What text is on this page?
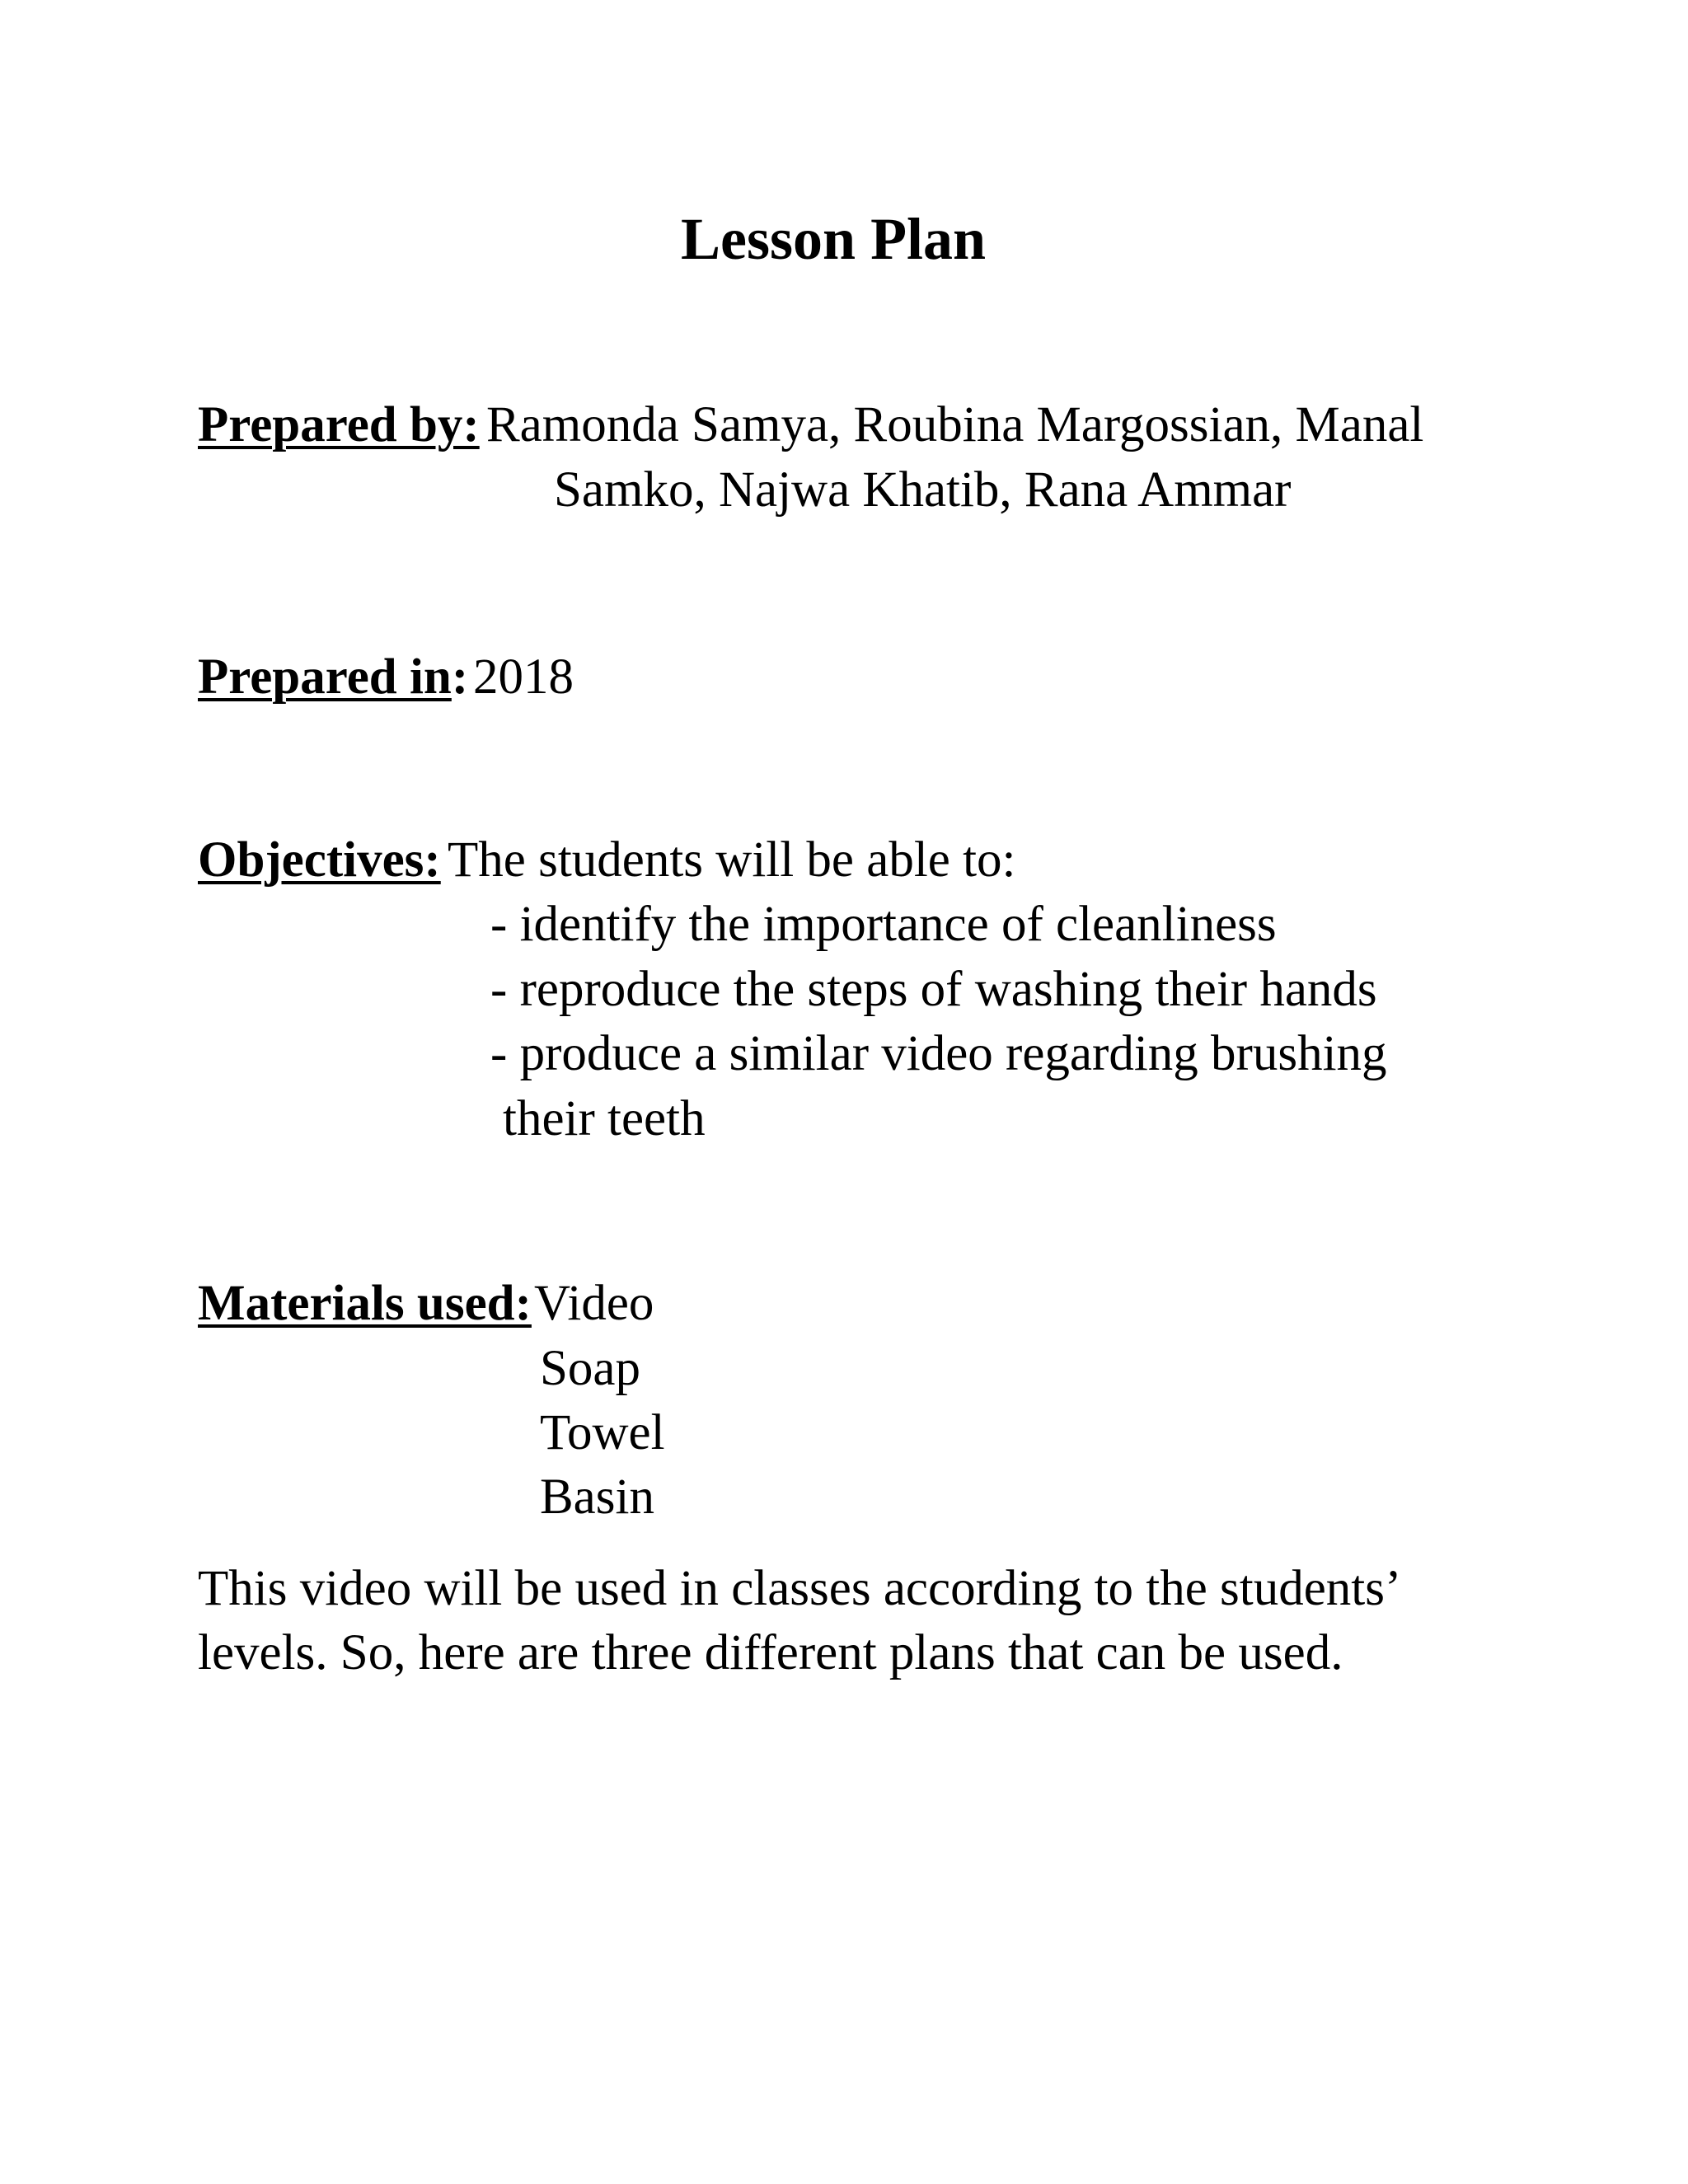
Lesson Plan
Prepared by: Ramonda Samya, Roubina Margossian, Manal
Samko, Najwa Khatib, Rana Ammar
Prepared in: 2018
Objectives: The students will be able to:
- identify the importance of cleanliness
- reproduce the steps of washing their hands
- produce a similar video regarding brushing
their teeth
Materials used: Video
Soap
Towel
Basin
This video will be used in classes according to the students’
levels. So, here are three different plans that can be used.
